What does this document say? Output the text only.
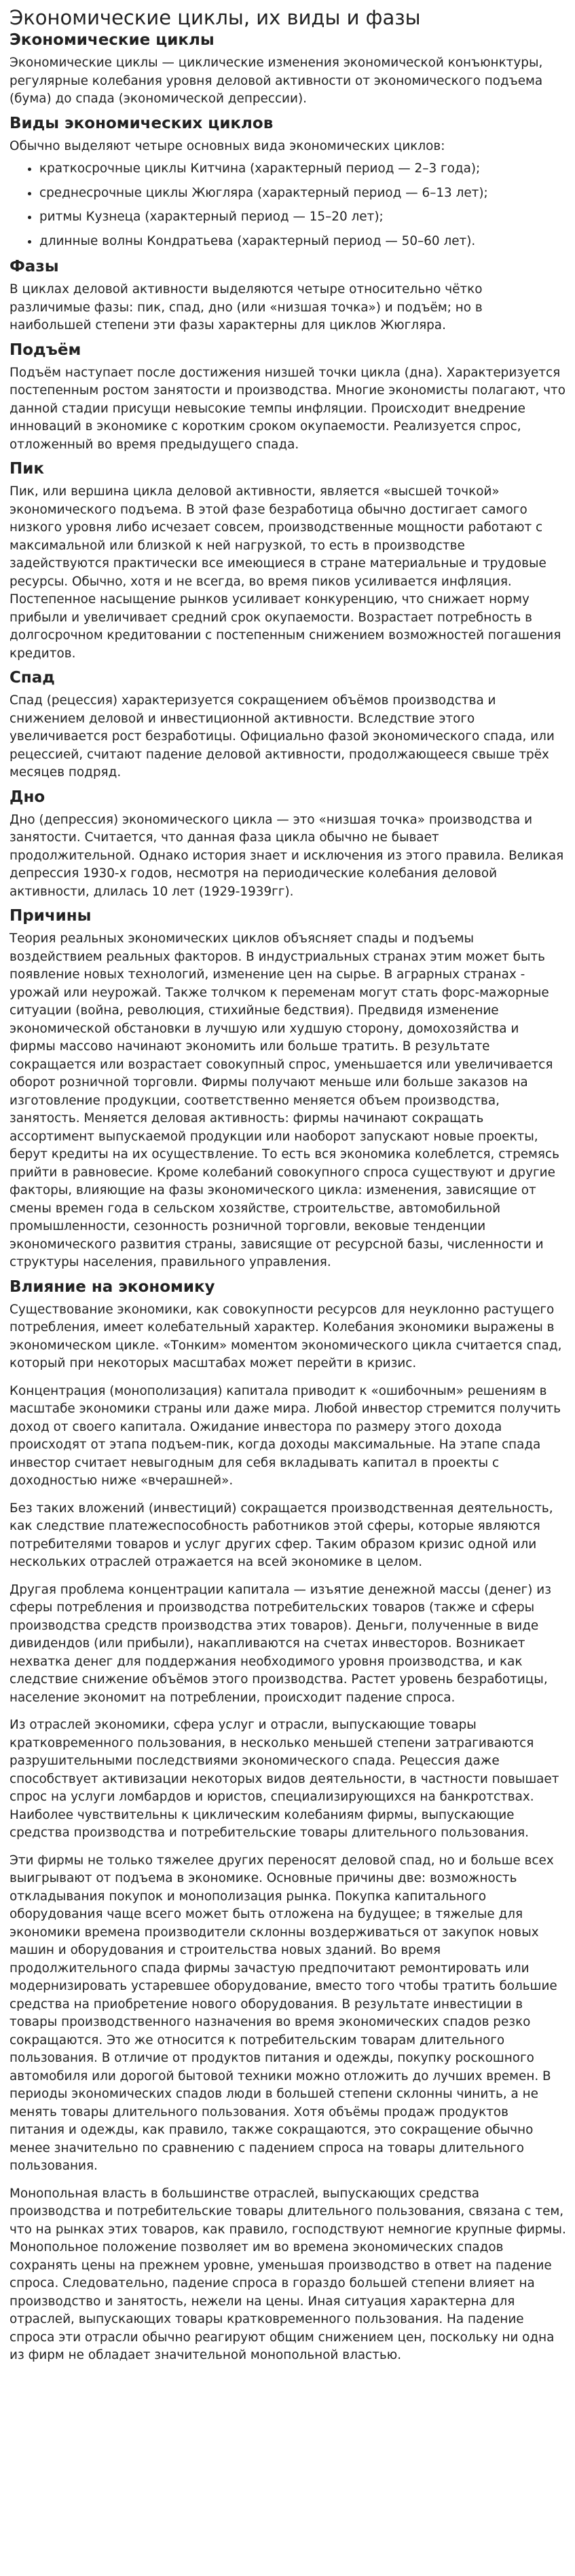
Экономические циклы, их виды и фазы
Экономические циклы

Экономические циклы — циклические изменения экономической конъюнктуры, регулярные колебания уровня деловой активности от экономического подъема (бума) до спада (экономической депрессии).

Виды экономических циклов

Обычно выделяют четыре основных вида экономических циклов:

• краткосрочные циклы Китчина (характерный период — 2–3 года);
• среднесрочные циклы Жюгляра (характерный период — 6–13 лет);
• ритмы Кузнеца (характерный период — 15–20 лет);
• длинные волны Кондратьева (характерный период — 50–60 лет).
Фазы

В циклах деловой активности выделяются четыре относительно чётко различимые фазы: пик, спад, дно (или «низшая точка») и подъём; но в наибольшей степени эти фазы характерны для циклов Жюгляра.

Подъём

Подъём наступает после достижения низшей точки цикла (дна). Характеризуется постепенным ростом занятости и производства. Многие экономисты полагают, что данной стадии присущи невысокие темпы инфляции. Происходит внедрение инноваций в экономике с коротким сроком окупаемости. Реализуется спрос, отложенный во время предыдущего спада.

Пик

Пик, или вершина цикла деловой активности, является «высшей точкой» экономического подъема. В этой фазе безработица обычно достигает самого низкого уровня либо исчезает совсем, производственные мощности работают с максимальной или близкой к ней нагрузкой, то есть в производстве задействуются практически все имеющиеся в стране материальные и трудовые ресурсы. Обычно, хотя и не всегда, во время пиков усиливается инфляция. Постепенное насыщение рынков усиливает конкуренцию, что снижает норму прибыли и увеличивает средний срок окупаемости. Возрастает потребность в долгосрочном кредитовании с постепенным снижением возможностей погашения кредитов.

Спад

Спад (рецессия) характеризуется сокращением объёмов производства и снижением деловой и инвестиционной активности. Вследствие этого увеличивается рост безработицы. Официально фазой экономического спада, или рецессией, считают падение деловой активности, продолжающееся свыше трёх месяцев подряд.

Дно

Дно (депрессия) экономического цикла — это «низшая точка» производства и занятости. Считается, что данная фаза цикла обычно не бывает продолжительной. Однако история знает и исключения из этого правила. Великая депрессия 1930-х годов, несмотря на периодические колебания деловой активности, длилась 10 лет (1929-1939гг).

Причины

Теория реальных экономических циклов объясняет спады и подъемы воздействием реальных факторов. В индустриальных странах этим может быть появление новых технологий, изменение цен на сырье. В аграрных странах - урожай или неурожай. Также толчком к переменам могут стать форс-мажорные ситуации (война, революция, стихийные бедствия). Предвидя изменение экономической обстановки в лучшую или худшую сторону, домохозяйства и фирмы массово начинают экономить или больше тратить. В результате сокращается или возрастает совокупный спрос, уменьшается или увеличивается оборот розничной торговли. Фирмы получают меньше или больше заказов на изготовление продукции, соответственно меняется объем производства, занятость. Меняется деловая активность: фирмы начинают сокращать ассортимент выпускаемой продукции или наоборот запускают новые проекты, берут кредиты на их осуществление. То есть вся экономика колеблется, стремясь прийти в равновесие. Кроме колебаний совокупного спроса существуют и другие факторы, влияющие на фазы экономического цикла: изменения, зависящие от смены времен года в сельском хозяйстве, строительстве, автомобильной промышленности, сезонность розничной торговли, вековые тенденции экономического развития страны, зависящие от ресурсной базы, численности и структуры населения, правильного управления.

Влияние на экономику

Существование экономики, как совокупности ресурсов для неуклонно растущего потребления, имеет колебательный характер. Колебания экономики выражены в экономическом цикле. «Тонким» моментом экономического цикла считается спад, который при некоторых масштабах может перейти в кризис.

Концентрация (монополизация) капитала приводит к «ошибочным» решениям в масштабе экономики страны или даже мира. Любой инвестор стремится получить доход от своего капитала. Ожидание инвестора по размеру этого дохода происходят от этапа подъем-пик, когда доходы максимальные. На этапе спада инвестор считает невыгодным для себя вкладывать капитал в проекты с доходностью ниже «вчерашней».

Без таких вложений (инвестиций) сокращается производственная деятельность, как следствие платежеспособность работников этой сферы, которые являются потребителями товаров и услуг других сфер. Таким образом кризис одной или нескольких отраслей отражается на всей экономике в целом.

Другая проблема концентрации капитала — изъятие денежной массы (денег) из сферы потребления и производства потребительских товаров (также и сферы производства средств производства этих товаров). Деньги, полученные в виде дивидендов (или прибыли), накапливаются на счетах инвесторов. Возникает нехватка денег для поддержания необходимого уровня производства, и как следствие снижение объёмов этого производства. Растет уровень безработицы, население экономит на потреблении, происходит падение спроса.

Из отраслей экономики, сфера услуг и отрасли, выпускающие товары кратковременного пользования, в несколько меньшей степени затрагиваются разрушительными последствиями экономического спада. Рецессия даже способствует активизации некоторых видов деятельности, в частности повышает спрос на услуги ломбардов и юристов, специализирующихся на банкротствах. Наиболее чувствительны к циклическим колебаниям фирмы, выпускающие средства производства и потребительские товары длительного пользования.

Эти фирмы не только тяжелее других переносят деловой спад, но и больше всех выигрывают от подъема в экономике. Основные причины две: возможность откладывания покупок и монополизация рынка. Покупка капитального оборудования чаще всего может быть отложена на будущее; в тяжелые для экономики времена производители склонны воздерживаться от закупок новых машин и оборудования и строительства новых зданий. Во время продолжительного спада фирмы зачастую предпочитают ремонтировать или модернизировать устаревшее оборудование, вместо того чтобы тратить большие средства на приобретение нового оборудования. В результате инвестиции в товары производственного назначения во время экономических спадов резко сокращаются. Это же относится к потребительским товарам длительного пользования. В отличие от продуктов питания и одежды, покупку роскошного автомобиля или дорогой бытовой техники можно отложить до лучших времен. В периоды экономических спадов люди в большей степени склонны чинить, а не менять товары длительного пользования. Хотя объёмы продаж продуктов питания и одежды, как правило, также сокращаются, это сокращение обычно менее значительно по сравнению с падением спроса на товары длительного пользования.

Монопольная власть в большинстве отраслей, выпускающих средства производства и потребительские товары длительного пользования, связана с тем, что на рынках этих товаров, как правило, господствуют немногие крупные фирмы. Монопольное положение позволяет им во времена экономических спадов сохранять цены на прежнем уровне, уменьшая производство в ответ на падение спроса. Следовательно, падение спроса в гораздо большей степени влияет на производство и занятость, нежели на цены. Иная ситуация характерна для отраслей, выпускающих товары кратковременного пользования. На падение спроса эти отрасли обычно реагируют общим снижением цен, поскольку ни одна из фирм не обладает значительной монопольной властью.
